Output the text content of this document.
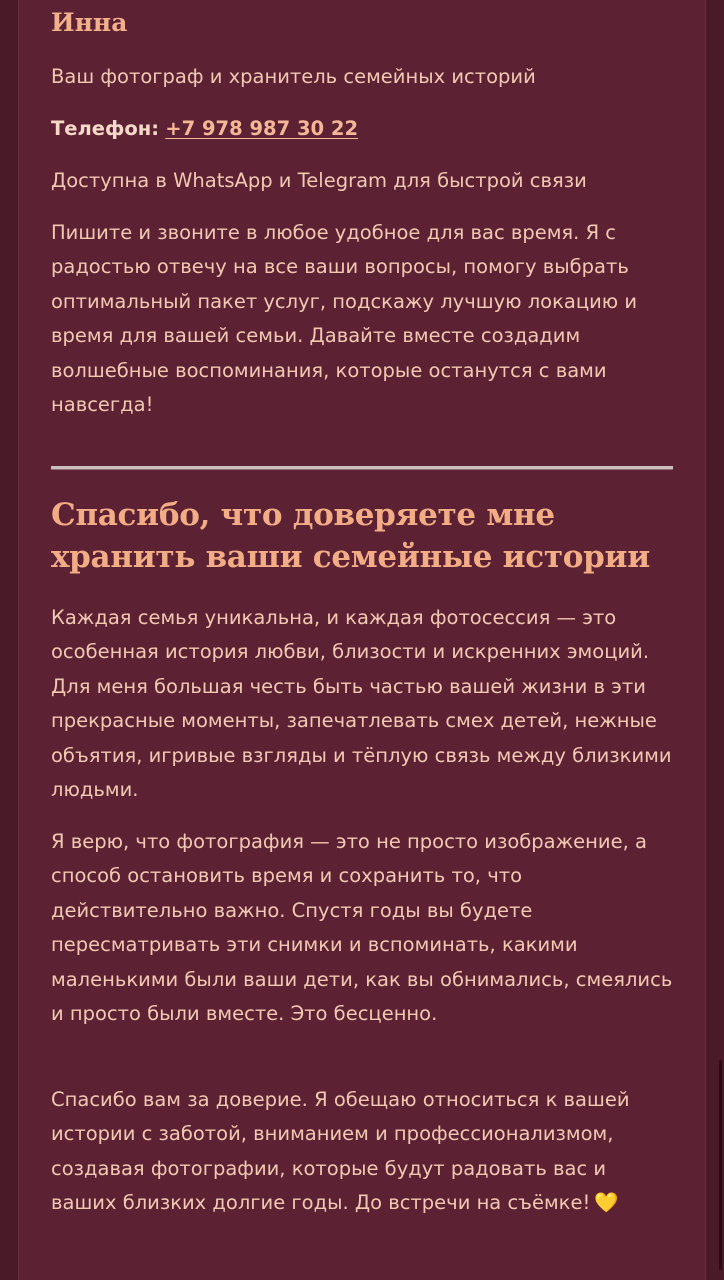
Инна

Ваш фотограф и хранитель семейных историй

Телефон: +7 978 987 30 22

Доступна в WhatsApp и Telegram для быстрой связи

Пишите и звоните в любое удобное для вас время. Я с радостью отвечу на все ваши вопросы, помогу выбрать оптимальный пакет услуг, подскажу лучшую локацию и время для вашей семьи. Давайте вместе создадим волшебные воспоминания, которые останутся с вами навсегда!

Спасибо, что доверяете мне хранить ваши семейные истории

Каждая семья уникальна, и каждая фотосессия — это особенная история любви, близости и искренних эмоций. Для меня большая честь быть частью вашей жизни в эти прекрасные моменты, запечатлевать смех детей, нежные объятия, игривые взгляды и тёплую связь между близкими людьми.

Я верю, что фотография — это не просто изображение, а способ остановить время и сохранить то, что действительно важно. Спустя годы вы будете пересматривать эти снимки и вспоминать, какими маленькими были ваши дети, как вы обнимались, смеялись и просто были вместе. Это бесценно.

Спасибо вам за доверие. Я обещаю относиться к вашей истории с заботой, вниманием и профессионализмом, создавая фотографии, которые будут радовать вас и ваших близких долгие годы. До встречи на съёмке! 💛
